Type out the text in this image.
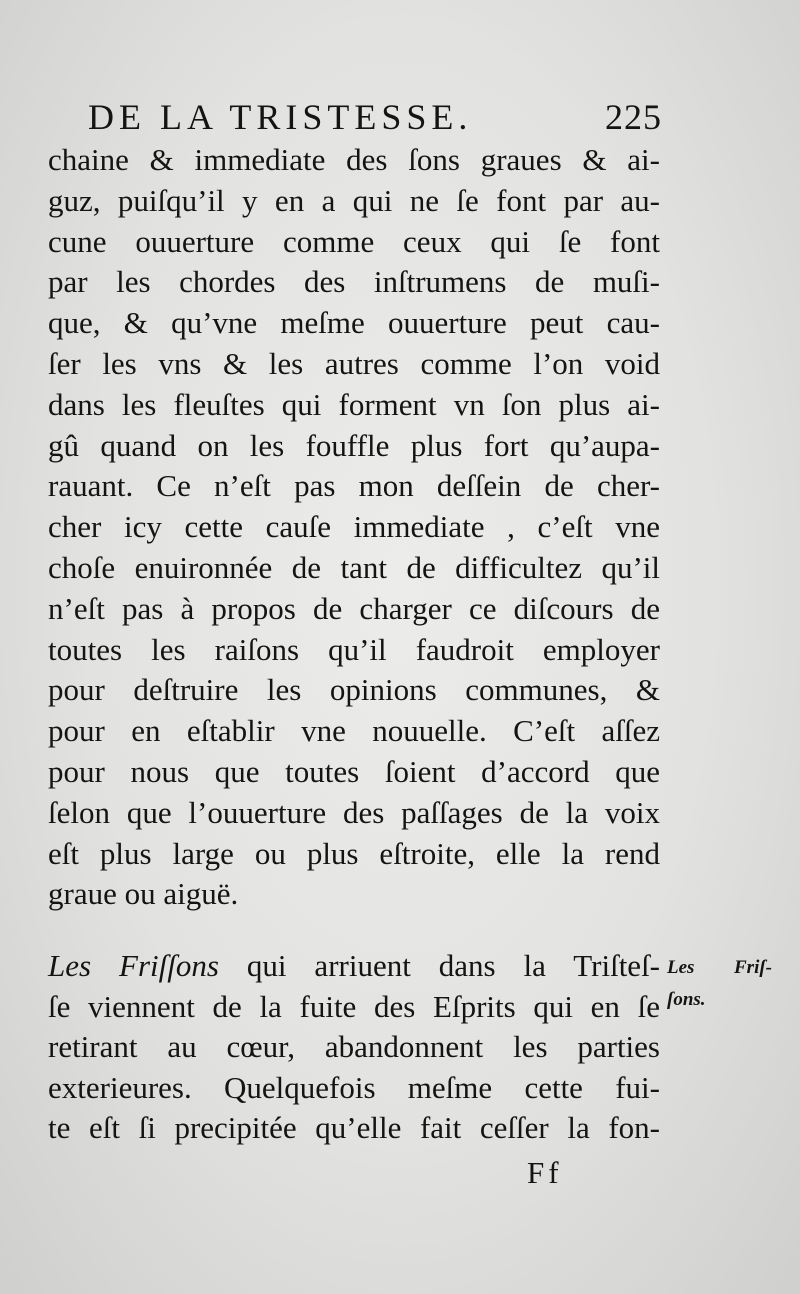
DE LA TRISTESSE.	225
chaine & immediate des ſons graues & ai-
guz, puiſqu’il y en a qui ne ſe font par au-
cune ouuerture comme ceux qui ſe font
par les chordes des inſtrumens de muſi-
que, & qu’vne meſme ouuerture peut cau-
ſer les vns & les autres comme l’on void
dans les fleuſtes qui forment vn ſon plus ai-
gû quand on les fouffle plus fort qu’aupa-
rauant. Ce n’eſt pas mon deſſein de cher-
cher icy cette cauſe immediate , c’eſt vne
choſe enuironnée de tant de difficultez qu’il
n’eſt pas à propos de charger ce diſcours de
toutes les raiſons qu’il faudroit employer
pour deſtruire les opinions communes, &
pour en eſtablir vne nouuelle. C’eſt aſſez
pour nous que toutes ſoient d’accord que
ſelon que l’ouuerture des paſſages de la voix
eſt plus large ou plus eſtroite, elle la rend
graue ou aiguë.
Les Friſſons qui arriuent dans la Triſteſ-
ſe viennent de la fuite des Eſprits qui en ſe
retirant au cœur, abandonnent les parties
exterieures. Quelquefois meſme cette fui-
te eſt ſi precipitée qu’elle fait ceſſer la fon-
Les Friſ-
ſons.
Ff
